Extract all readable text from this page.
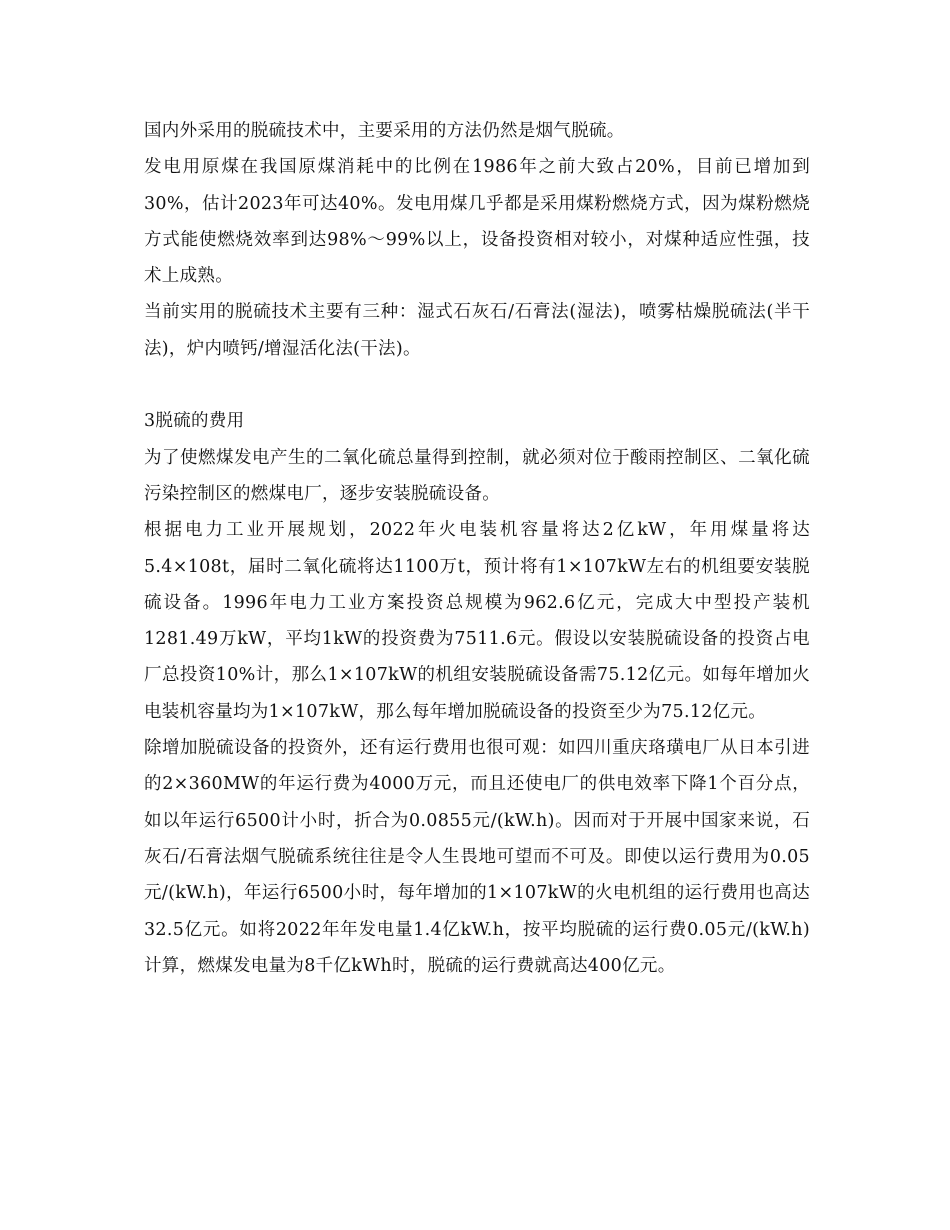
国内外采用的脱硫技术中，主要采用的方法仍然是烟气脱硫。

发电用原煤在我国原煤消耗中的比例在1986年之前大致占20%，目前已增加到30%，估计2023年可达40%。发电用煤几乎都是采用煤粉燃烧方式，因为煤粉燃烧方式能使燃烧效率到达98%～99%以上，设备投资相对较小，对煤种适应性强，技术上成熟。

当前实用的脱硫技术主要有三种：湿式石灰石/石膏法(湿法)，喷雾枯燥脱硫法(半干法)，炉内喷钙/增湿活化法(干法)。

3脱硫的费用

为了使燃煤发电产生的二氧化硫总量得到控制，就必须对位于酸雨控制区、二氧化硫污染控制区的燃煤电厂，逐步安装脱硫设备。

根据电力工业开展规划，2022年火电装机容量将达2亿kW，年用煤量将达5.4×108t，届时二氧化硫将达1100万t，预计将有1×107kW左右的机组要安装脱硫设备。1996年电力工业方案投资总规模为962.6亿元，完成大中型投产装机1281.49万kW，平均1kW的投资费为7511.6元。假设以安装脱硫设备的投资占电厂总投资10%计，那么1×107kW的机组安装脱硫设备需75.12亿元。如每年增加火电装机容量均为1×107kW，那么每年增加脱硫设备的投资至少为75.12亿元。

除增加脱硫设备的投资外，还有运行费用也很可观：如四川重庆珞璜电厂从日本引进的2×360MW的年运行费为4000万元，而且还使电厂的供电效率下降1个百分点，如以年运行6500计小时，折合为0.0855元/(kW.h)。因而对于开展中国家来说，石灰石/石膏法烟气脱硫系统往往是令人生畏地可望而不可及。即使以运行费用为0.05元/(kW.h)，年运行6500小时，每年增加的1×107kW的火电机组的运行费用也高达32.5亿元。如将2022年年发电量1.4亿kW.h，按平均脱硫的运行费0.05元/(kW.h)计算，燃煤发电量为8千亿kWh时，脱硫的运行费就高达400亿元。
